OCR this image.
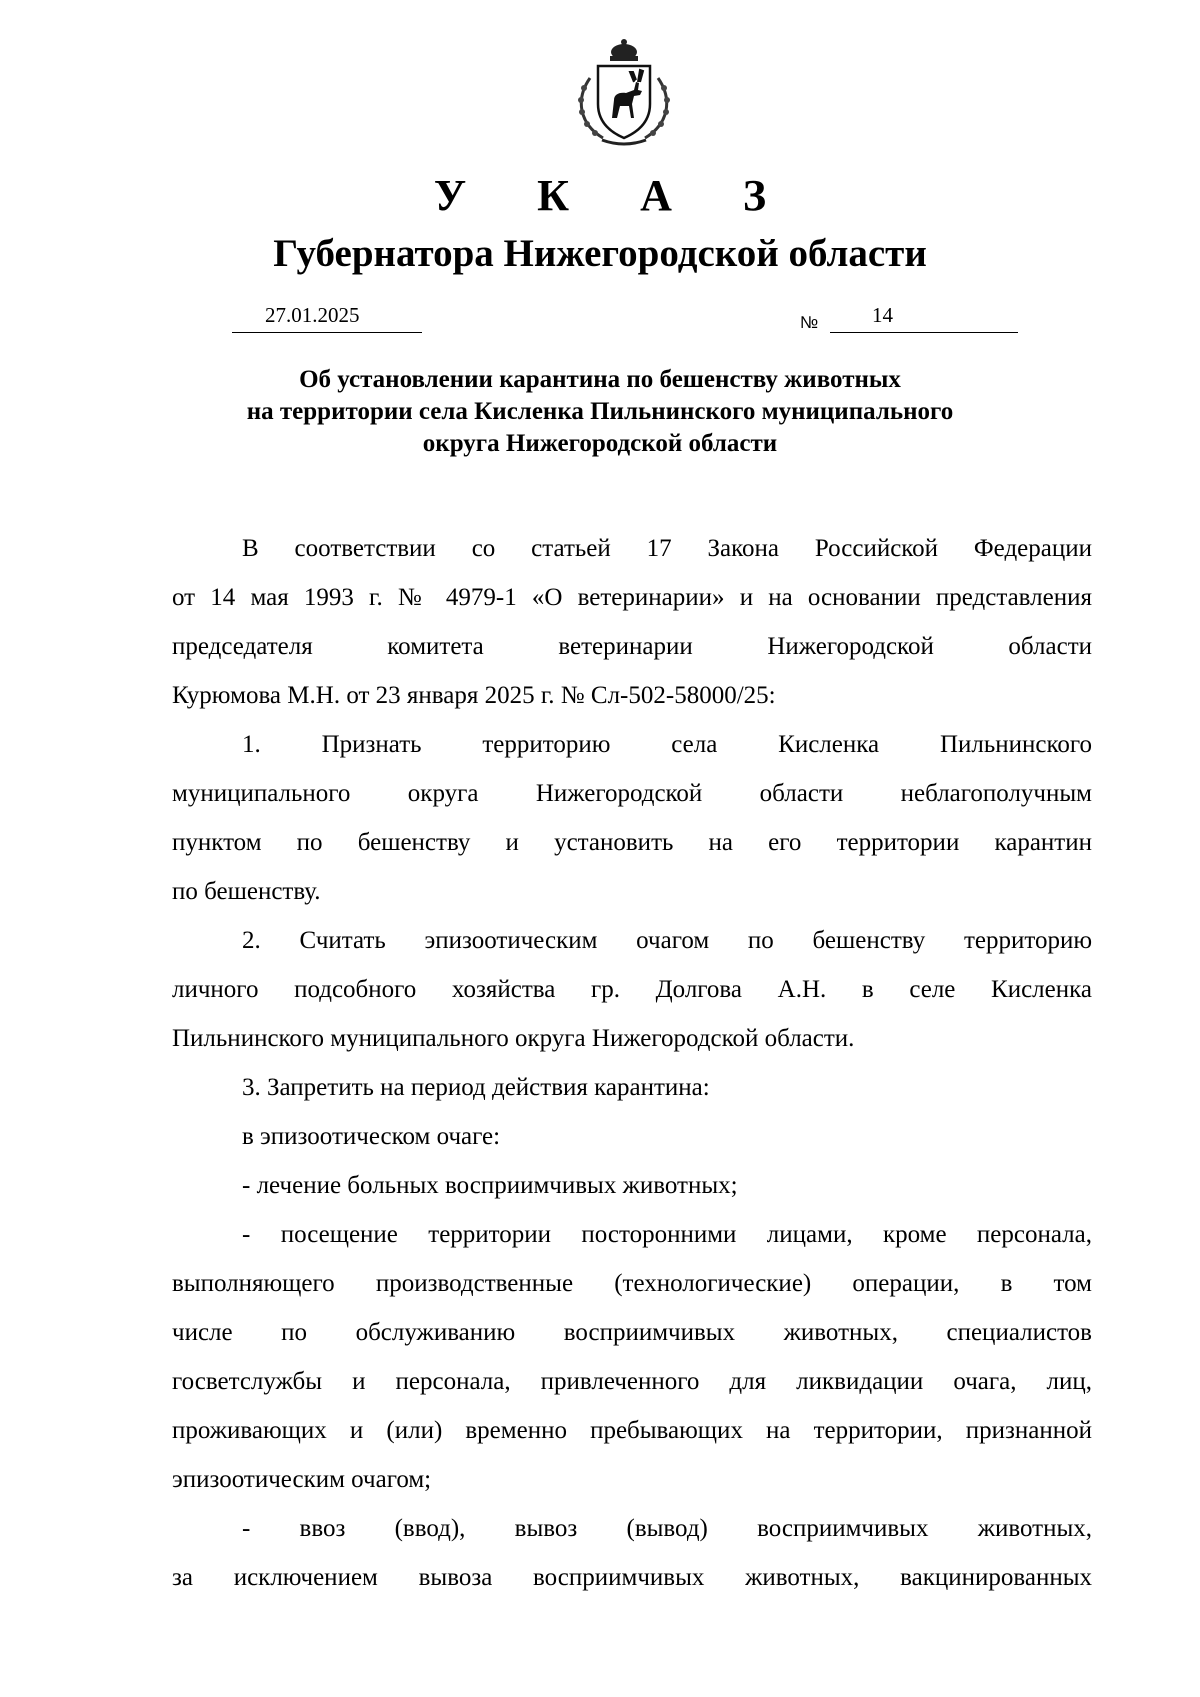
У К А З
Губернатора Нижегородской области
27.01.2025	№	14
Об установлении карантина по бешенству животных
на территории села Кисленка Пильнинского муниципального
округа Нижегородской области
В соответствии со статьей 17 Закона Российской Федерации
от 14 мая 1993 г. № 4979-1 «О ветеринарии» и на основании представления
председателя комитета ветеринарии Нижегородской области
Курюмова М.Н. от 23 января 2025 г. № Сл-502-58000/25:
1. Признать территорию села Кисленка Пильнинского
муниципального округа Нижегородской области неблагополучным
пунктом по бешенству и установить на его территории карантин
по бешенству.
2. Считать эпизоотическим очагом по бешенству территорию
личного подсобного хозяйства гр. Долгова А.Н. в селе Кисленка
Пильнинского муниципального округа Нижегородской области.
3. Запретить на период действия карантина:
в эпизоотическом очаге:
- лечение больных восприимчивых животных;
- посещение территории посторонними лицами, кроме персонала,
выполняющего производственные (технологические) операции, в том
числе по обслуживанию восприимчивых животных, специалистов
госветслужбы и персонала, привлеченного для ликвидации очага, лиц,
проживающих и (или) временно пребывающих на территории, признанной
эпизоотическим очагом;
- ввоз (ввод), вывоз (вывод) восприимчивых животных,
за исключением вывоза восприимчивых животных, вакцинированных
